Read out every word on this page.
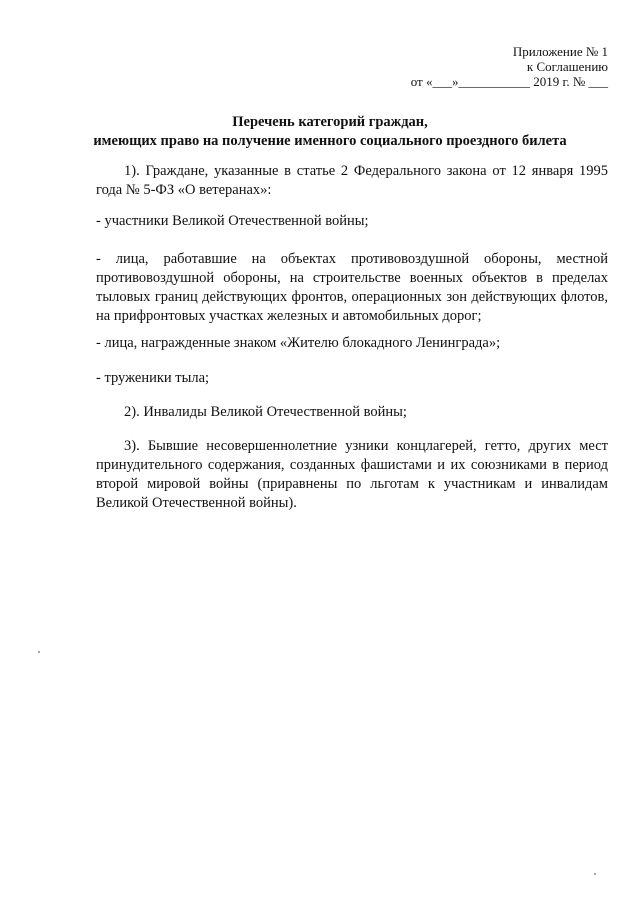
Приложение № 1
к Соглашению
от «___»___________ 2019 г. № ___
Перечень категорий граждан,
имеющих право на получение именного социального проездного билета
1). Граждане, указанные в статье 2 Федерального закона от 12 января 1995 года № 5-ФЗ «О ветеранах»:
- участники Великой Отечественной войны;
- лица, работавшие на объектах противовоздушной обороны, местной противовоздушной обороны, на строительстве военных объектов в пределах тыловых границ действующих фронтов, операционных зон действующих флотов, на прифронтовых участках железных и автомобильных дорог;
- лица, награжденные знаком «Жителю блокадного Ленинграда»;
- труженики тыла;
2). Инвалиды Великой Отечественной войны;
3). Бывшие несовершеннолетние узники концлагерей, гетто, других мест принудительного содержания, созданных фашистами и их союзниками в период второй мировой войны (приравнены по льготам к участникам и инвалидам Великой Отечественной войны).
